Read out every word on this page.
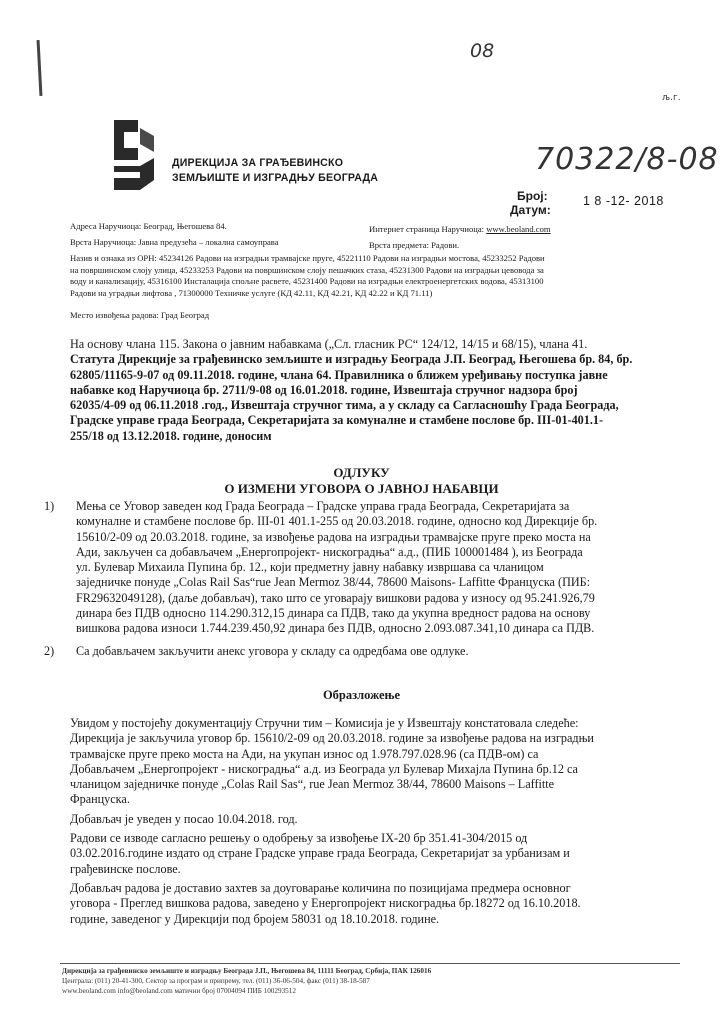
08
љ.г.
70322/8-08
ДИРЕКЦИЈА ЗА ГРАЂЕВИНСКО
ЗЕМЉИШТЕ И ИЗГРАДЊУ БЕОГРАДА
Број:
Датум:
1 8 -12- 2018
Адреса Наручиоца: Београд, Његошева 84.	Интернет страница Наручиоца: www.beoland.com
Врста Наручиоца: Јавна предузећа – локална самоуправа	Врста предмета: Радови.
Назив и ознака из ОРН: 45234126 Радови на изградњи трамвајске пруге, 45221110 Радови на изградњи мостова, 45233252 Радови
на површинском слоју улица, 45233253 Радови на површинском слоју пешачких стаза, 45231300 Радови на изградњи цевовода за
воду и канализацију, 45316100 Инсталација спољне расвете, 45231400 Радови на изградњи електроенергетских водова, 45313100
Радови на уградњи лифтова , 71300000 Техничке услуге (КД 42.11, КД 42.21, КД 42.22 и КД 71.11)
Место извођења радова: Град Београд
На основу члана 115. Закона о јавним набавкама („Сл. гласник РС“ 124/12, 14/15 и 68/15), члана 41.
Статута Дирекције за грађевинско земљиште и изградњу Београда Ј.П. Београд, Његошева бр. 84, бр.
62805/11165-9-07 од 09.11.2018. године, члана 64. Правилника о ближем уређивању поступка јавне
набавке код Наручиоца бр. 2711/9-08 од 16.01.2018. године, Извештаја стручног надзора број
62035/4-09 од 06.11.2018 .год., Извештаја стручног тима, а у складу са Сагласношћу Града Београда,
Градске управе града Београда, Секретаријата за комуналне и стамбене послове бр. III-01-401.1-
255/18 од 13.12.2018. године, доносим
ОДЛУКУ
О ИЗМЕНИ УГОВОРА О ЈАВНОЈ НАБАВЦИ
1) Мења се Уговор заведен код Града Београда – Градске управа града Београда, Секретаријата за
комуналне и стамбене послове бр. III-01 401.1-255 од 20.03.2018. године, односно код Дирекције бр.
15610/2-09 од 20.03.2018. године, за извођење радова на изградњи трамвајске пруге преко моста на
Ади, закључен са добављачем „Енергопројект- нискоградња“ а.д., (ПИБ 100001484 ), из Београда
ул. Булевар Михаила Пупина бр. 12., који предметну јавну набавку извршава са чланицом
заједничке понуде „Colas Rail Sas“rue Jean Mermoz 38/44, 78600 Maisons- Laffitte Француска (ПИБ:
FR29632049128), (даље добављач), тако што се уговарају вишкови радова у износу од 95.241.926,79
динара без ПДВ односно 114.290.312,15 динара са ПДВ, тако да укупна вредност радова на основу
вишкова радова износи 1.744.239.450,92 динара без ПДВ, односно 2.093.087.341,10 динара са ПДВ.
2) Са добављачем закључити анекс уговора у складу са одредбама ове одлуке.
Образложење
Увидом у постојећу документацију Стручни тим – Комисија је у Извештају констатовала следеће:
Дирекција је закључила уговор бр. 15610/2-09 од 20.03.2018. године за извођење радова на изградњи
трамвајске пруге преко моста на Ади, на укупан износ од 1.978.797.028.96 (са ПДВ-ом) са
Добављачем „Енергопројект - нискоградња“ а.д. из Београда ул Булевар Михајла Пупина бр.12 са
чланицом заједничке понуде „Colas Rail Sas“, rue Jean Mermoz 38/44, 78600 Maisons – Laffitte
Француска.
Добављач је уведен у посао 10.04.2018. год.
Радови се изводе сагласно решењу о одобрењу за извођење IX-20 бр 351.41-304/2015 од
03.02.2016.године издато од стране Градске управе града Београда, Секретаријат за урбанизам и
грађевинске послове.
Добављач радова је доставио захтев за доуговарање количина по позицијама предмера основног
уговора - Преглед вишкова радова, заведено у Енергопројект нискоградња бр.18272 од 16.10.2018.
године, заведеног у Дирекцији под бројем 58031 од 18.10.2018. године.
Дирекција за грађевинско земљиште и изградњу Београда Ј.П., Његошева 84, 11111 Београд, Србија, ПАК 126016
Централа: (011) 20-41-300, Сектор за програм и припрему, тел. (011) 36-06-504, факс (011) 38-18-587
www.beoland.com info@beoland.com матични број 07004094 ПИБ 100293512
